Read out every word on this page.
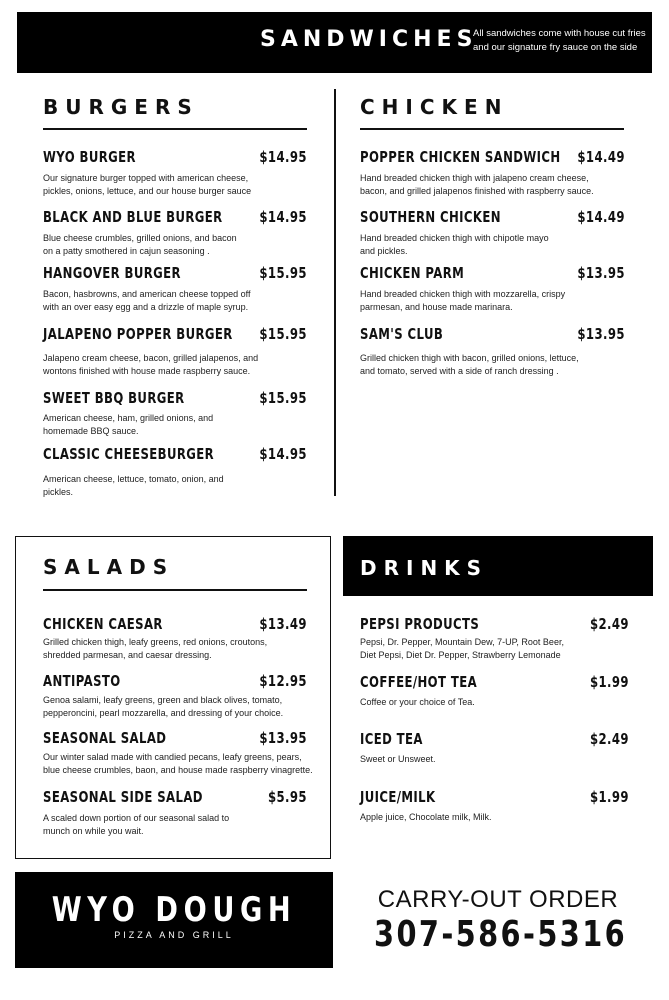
SANDWICHES
All sandwiches come with house cut fries
and our signature fry sauce on the side
BURGERS
WYO BURGER	$14.95
Our signature burger topped with american cheese,
pickles, onions, lettuce, and our house burger sauce
BLACK AND BLUE BURGER	$14.95
Blue cheese crumbles, grilled onions, and bacon
on a patty smothered in cajun seasoning .
HANGOVER BURGER	$15.95
Bacon, hasbrowns, and american cheese topped off
with an over easy egg and a drizzle of maple syrup.
JALAPENO POPPER BURGER	$15.95
Jalapeno cream cheese, bacon, grilled jalapenos, and
wontons finished with house made raspberry sauce.
SWEET BBQ BURGER	$15.95
American cheese, ham, grilled onions, and
homemade BBQ sauce.
CLASSIC CHEESEBURGER	$14.95
American cheese, lettuce, tomato, onion, and
pickles.
CHICKEN
POPPER CHICKEN SANDWICH	$14.49
Hand breaded chicken thigh with jalapeno cream cheese,
bacon, and grilled jalapenos finished with raspberry sauce.
SOUTHERN CHICKEN	$14.49
Hand breaded chicken thigh with chipotle mayo
and pickles.
CHICKEN PARM	$13.95
Hand breaded chicken thigh with mozzarella, crispy
parmesan, and house made marinara.
SAM'S CLUB	$13.95
Grilled chicken thigh with bacon, grilled onions, lettuce,
and tomato, served with a side of ranch dressing .
SALADS
CHICKEN CAESAR	$13.49
Grilled chicken thigh, leafy greens, red onions, croutons,
shredded parmesan, and caesar dressing.
ANTIPASTO	$12.95
Genoa salami, leafy greens, green and black olives, tomato,
pepperoncini, pearl mozzarella, and dressing of your choice.
SEASONAL SALAD	$13.95
Our winter salad made with candied pecans, leafy greens, pears,
blue cheese crumbles, baon, and house made raspberry vinagrette.
SEASONAL SIDE SALAD	$5.95
A scaled down portion of our seasonal salad to
munch on while you wait.
DRINKS
PEPSI PRODUCTS	$2.49
Pepsi, Dr. Pepper, Mountain Dew, 7-UP, Root Beer,
Diet Pepsi, Diet Dr. Pepper, Strawberry Lemonade
COFFEE/HOT TEA	$1.99
Coffee or your choice of Tea.
ICED TEA	$2.49
Sweet or Unsweet.
JUICE/MILK	$1.99
Apple juice, Chocolate milk, Milk.
WYO DOUGH
PIZZA AND GRILL
CARRY-OUT ORDER
307-586-5316
